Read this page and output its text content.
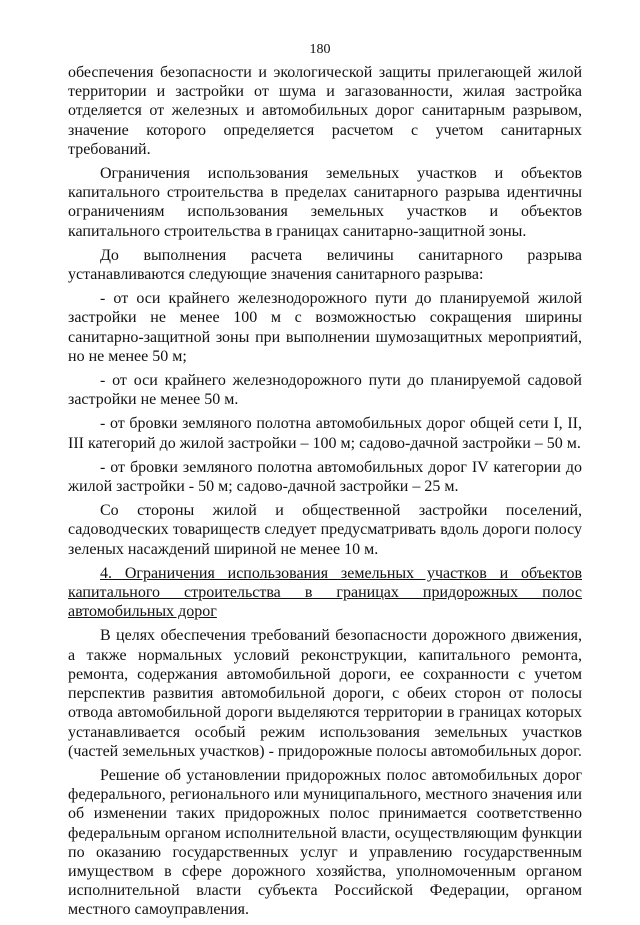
180

обеспечения безопасности и экологической защиты прилегающей жилой территории и застройки от шума и загазованности, жилая застройка отделяется от железных и автомобильных дорог санитарным разрывом, значение которого определяется расчетом с учетом санитарных требований.

Ограничения использования земельных участков и объектов капитального строительства в пределах санитарного разрыва идентичны ограничениям использования земельных участков и объектов капитального строительства в границах санитарно-защитной зоны.

До выполнения расчета величины санитарного разрыва устанавливаются следующие значения санитарного разрыва:

- от оси крайнего железнодорожного пути до планируемой жилой застройки не менее 100 м с возможностью сокращения ширины санитарно-защитной зоны при выполнении шумозащитных мероприятий, но не менее 50 м;

- от оси крайнего железнодорожного пути до планируемой садовой застройки не менее 50 м.

- от бровки земляного полотна автомобильных дорог общей сети I, II, III категорий до жилой застройки – 100 м; садово-дачной застройки – 50 м.

- от бровки земляного полотна автомобильных дорог IV категории до жилой застройки - 50 м; садово-дачной застройки – 25 м.

Со стороны жилой и общественной застройки поселений, садоводческих товариществ следует предусматривать вдоль дороги полосу зеленых насаждений шириной не менее 10 м.

4. Ограничения использования земельных участков и объектов капитального строительства в границах придорожных полос автомобильных дорог

В целях обеспечения требований безопасности дорожного движения, а также нормальных условий реконструкции, капитального ремонта, ремонта, содержания автомобильной дороги, ее сохранности с учетом перспектив развития автомобильной дороги, с обеих сторон от полосы отвода автомобильной дороги выделяются территории в границах которых устанавливается особый режим использования земельных участков (частей земельных участков) - придорожные полосы автомобильных дорог.

Решение об установлении придорожных полос автомобильных дорог федерального, регионального или муниципального, местного значения или об изменении таких придорожных полос принимается соответственно федеральным органом исполнительной власти, осуществляющим функции по оказанию государственных услуг и управлению государственным имуществом в сфере дорожного хозяйства, уполномоченным органом исполнительной власти субъекта Российской Федерации, органом местного самоуправления.
